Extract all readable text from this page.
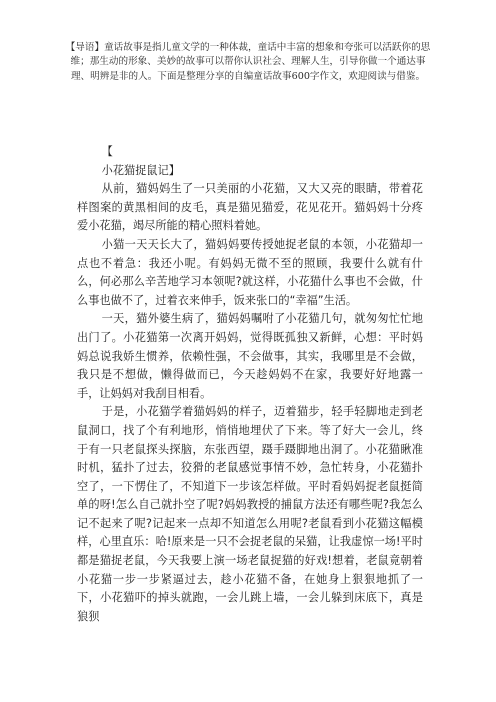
【导语】童话故事是指儿童文学的一种体裁，童话中丰富的想象和夸张可以活跃你的思维；那生动的形象、美妙的故事可以帮你认识社会、理解人生，引导你做一个通达事理、明辨是非的人。下面是整理分享的自编童话故事600字作文，欢迎阅读与借鉴。

【

小花猫捉鼠记】

从前，猫妈妈生了一只美丽的小花猫，又大又亮的眼睛，带着花样图案的黄黑相间的皮毛，真是猫见猫爱，花见花开。猫妈妈十分疼爱小花猫，竭尽所能的精心照料着她。

小猫一天天长大了，猫妈妈要传授她捉老鼠的本领，小花猫却一点也不着急：我还小呢。有妈妈无微不至的照顾，我要什么就有什么，何必那么辛苦地学习本领呢?就这样，小花猫什么事也不会做，什么事也做不了，过着衣来伸手，饭来张口的“幸福”生活。

一天，猫外婆生病了，猫妈妈嘱咐了小花猫几句，就匆匆忙忙地出门了。小花猫第一次离开妈妈，觉得既孤独又新鲜，心想：平时妈妈总说我娇生惯养，依赖性强，不会做事，其实，我哪里是不会做，我只是不想做，懒得做而已，今天趁妈妈不在家，我要好好地露一手，让妈妈对我刮目相看。

于是，小花猫学着猫妈妈的样子，迈着猫步，轻手轻脚地走到老鼠洞口，找了个有利地形，悄悄地埋伏了下来。等了好大一会儿，终于有一只老鼠探头探脑，东张西望，蹑手蹑脚地出洞了。小花猫瞅准时机，猛扑了过去，狡猾的老鼠感觉事情不妙，急忙转身，小花猫扑空了，一下愣住了，不知道下一步该怎样做。平时看妈妈捉老鼠挺简单的呀!怎么自己就扑空了呢?妈妈教授的捕鼠方法还有哪些呢?我怎么记不起来了呢?记起来一点却不知道怎么用呢?老鼠看到小花猫这幅模样，心里直乐：哈!原来是一只不会捉老鼠的呆猫，让我虚惊一场!平时都是猫捉老鼠，今天我要上演一场老鼠捉猫的好戏!想着，老鼠竟朝着小花猫一步一步紧逼过去，趁小花猫不备，在她身上狠狠地抓了一下，小花猫吓的掉头就跑，一会儿跳上墙，一会儿躲到床底下，真是狼狈
